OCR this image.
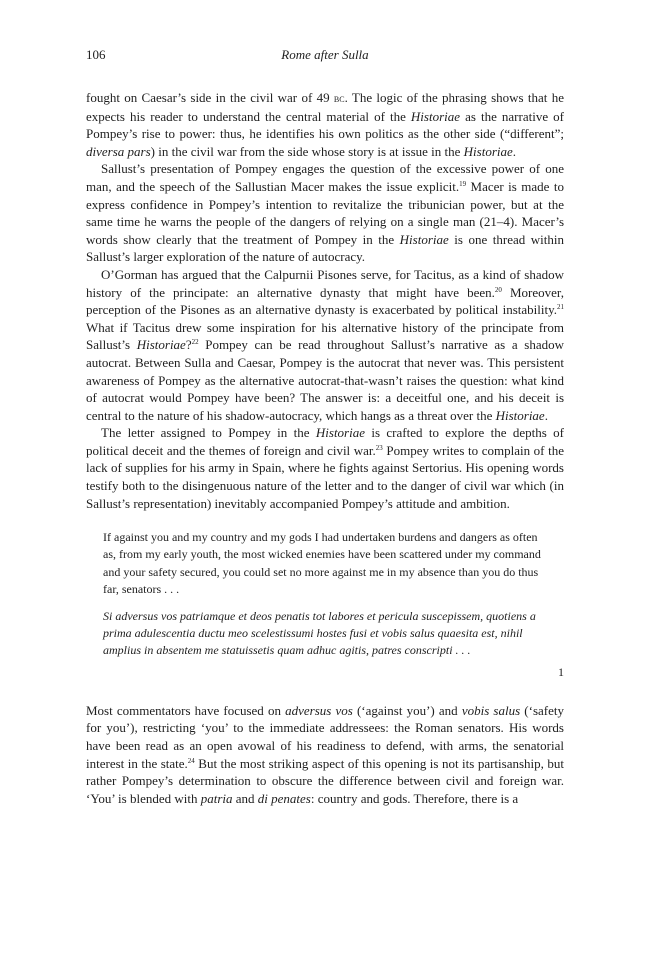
106	Rome after Sulla

fought on Caesar’s side in the civil war of 49 bc. The logic of the phrasing shows that he expects his reader to understand the central material of the Historiae as the narrative of Pompey’s rise to power: thus, he identifies his own politics as the other side (“different”; diversa pars) in the civil war from the side whose story is at issue in the Historiae.

Sallust’s presentation of Pompey engages the question of the excessive power of one man, and the speech of the Sallustian Macer makes the issue explicit.$^{19}$ Macer is made to express confidence in Pompey’s intention to revitalize the tribunician power, but at the same time he warns the people of the dangers of relying on a single man (21–4). Macer’s words show clearly that the treatment of Pompey in the Historiae is one thread within Sallust’s larger exploration of the nature of autocracy.

O’Gorman has argued that the Calpurnii Pisones serve, for Tacitus, as a kind of shadow history of the principate: an alternative dynasty that might have been.$^{20}$ Moreover, perception of the Pisones as an alternative dynasty is exacerbated by political instability.$^{21}$ What if Tacitus drew some inspiration for his alternative history of the principate from Sallust’s Historiae?$^{22}$ Pompey can be read throughout Sallust’s narrative as a shadow autocrat. Between Sulla and Caesar, Pompey is the autocrat that never was. This persistent awareness of Pompey as the alternative autocrat-that-wasn’t raises the question: what kind of autocrat would Pompey have been? The answer is: a deceitful one, and his deceit is central to the nature of his shadow-autocracy, which hangs as a threat over the Historiae.

The letter assigned to Pompey in the Historiae is crafted to explore the depths of political deceit and the themes of foreign and civil war.$^{23}$ Pompey writes to complain of the lack of supplies for his army in Spain, where he fights against Sertorius. His opening words testify both to the disingenuous nature of the letter and to the danger of civil war which (in Sallust’s representation) inevitably accompanied Pompey’s attitude and ambition.

If against you and my country and my gods I had undertaken burdens and dangers as often as, from my early youth, the most wicked enemies have been scattered under my command and your safety secured, you could set no more against me in my absence than you do thus far, senators . . .

Si adversus vos patriamque et deos penatis tot labores et pericula suscepissem, quotiens a prima adulescentia ductu meo scelestissumi hostes fusi et vobis salus quaesita est, nihil amplius in absentem me statuissetis quam adhuc agitis, patres conscripti . . .

1

Most commentators have focused on adversus vos (‘against you’) and vobis salus (‘safety for you’), restricting ‘you’ to the immediate addressees: the Roman senators. His words have been read as an open avowal of his readiness to defend, with arms, the senatorial interest in the state.$^{24}$ But the most striking aspect of this opening is not its partisanship, but rather Pompey’s determination to obscure the difference between civil and foreign war. ‘You’ is blended with patria and di penates: country and gods. Therefore, there is a
